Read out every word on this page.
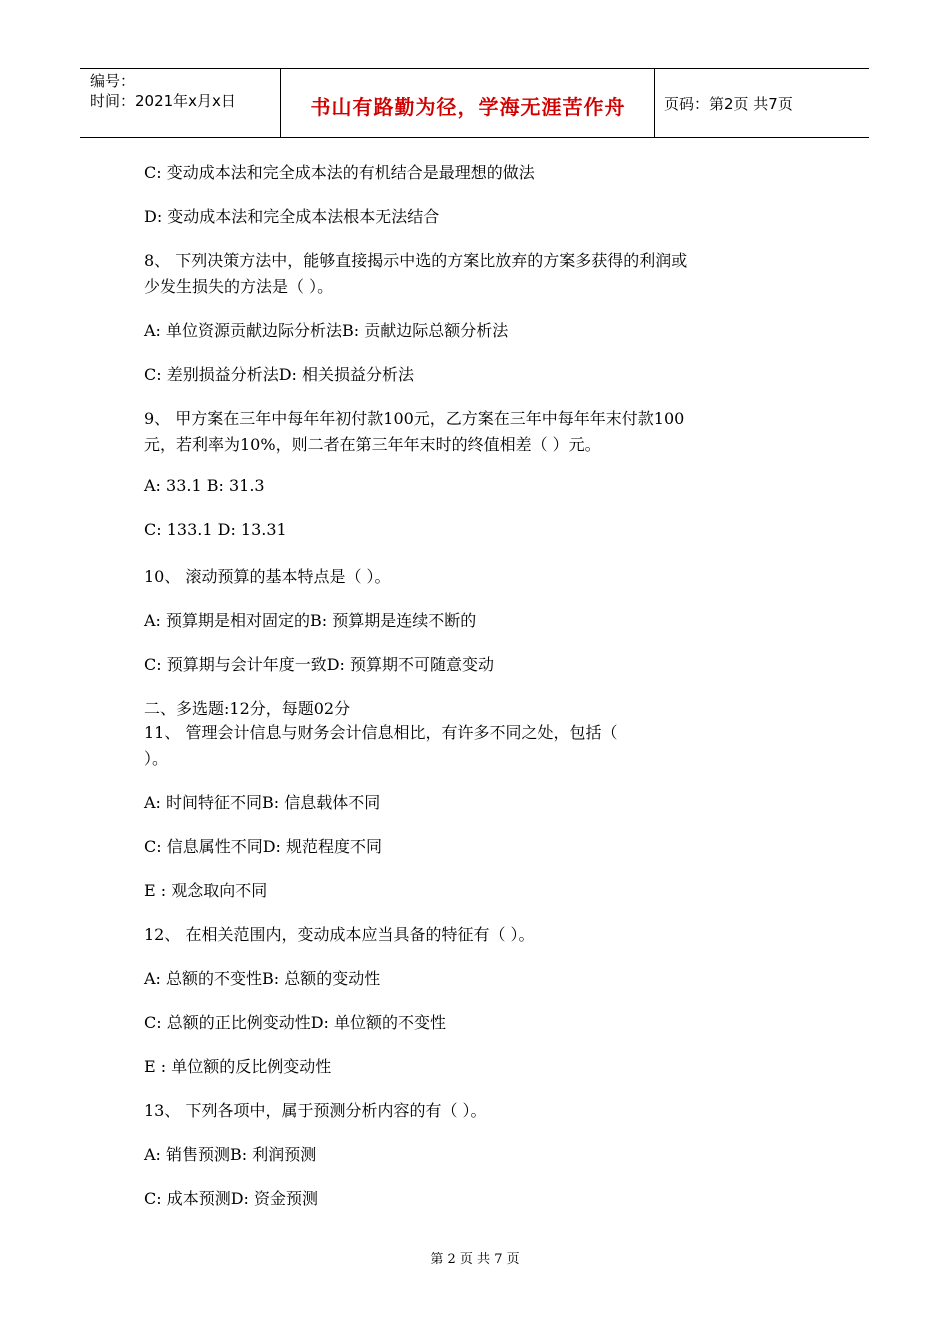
编号：
时间：2021年x月x日	书山有路勤为径，学海无涯苦作舟	页码：第2页 共7页
C: 变动成本法和完全成本法的有机结合是最理想的做法
D: 变动成本法和完全成本法根本无法结合
8、 下列决策方法中，能够直接揭示中选的方案比放弃的方案多获得的利润或
少发生损失的方法是（ ）。
A: 单位资源贡献边际分析法B: 贡献边际总额分析法
C: 差别损益分析法D: 相关损益分析法
9、 甲方案在三年中每年年初付款100元，乙方案在三年中每年年末付款100
元，若利率为10%，则二者在第三年年末时的终值相差（ ）元。
A: 33.1 B: 31.3
C: 133.1 D: 13.31
10、 滚动预算的基本特点是（ ）。
A: 预算期是相对固定的B: 预算期是连续不断的
C: 预算期与会计年度一致D: 预算期不可随意变动
二、多选题:12分，每题02分
11、 管理会计信息与财务会计信息相比，有许多不同之处，包括（
）。
A: 时间特征不同B: 信息载体不同
C: 信息属性不同D: 规范程度不同
E : 观念取向不同
12、 在相关范围内，变动成本应当具备的特征有（ ）。
A: 总额的不变性B: 总额的变动性
C: 总额的正比例变动性D: 单位额的不变性
E : 单位额的反比例变动性
13、 下列各项中，属于预测分析内容的有（ ）。
A: 销售预测B: 利润预测
C: 成本预测D: 资金预测
第 2 页 共 7 页
